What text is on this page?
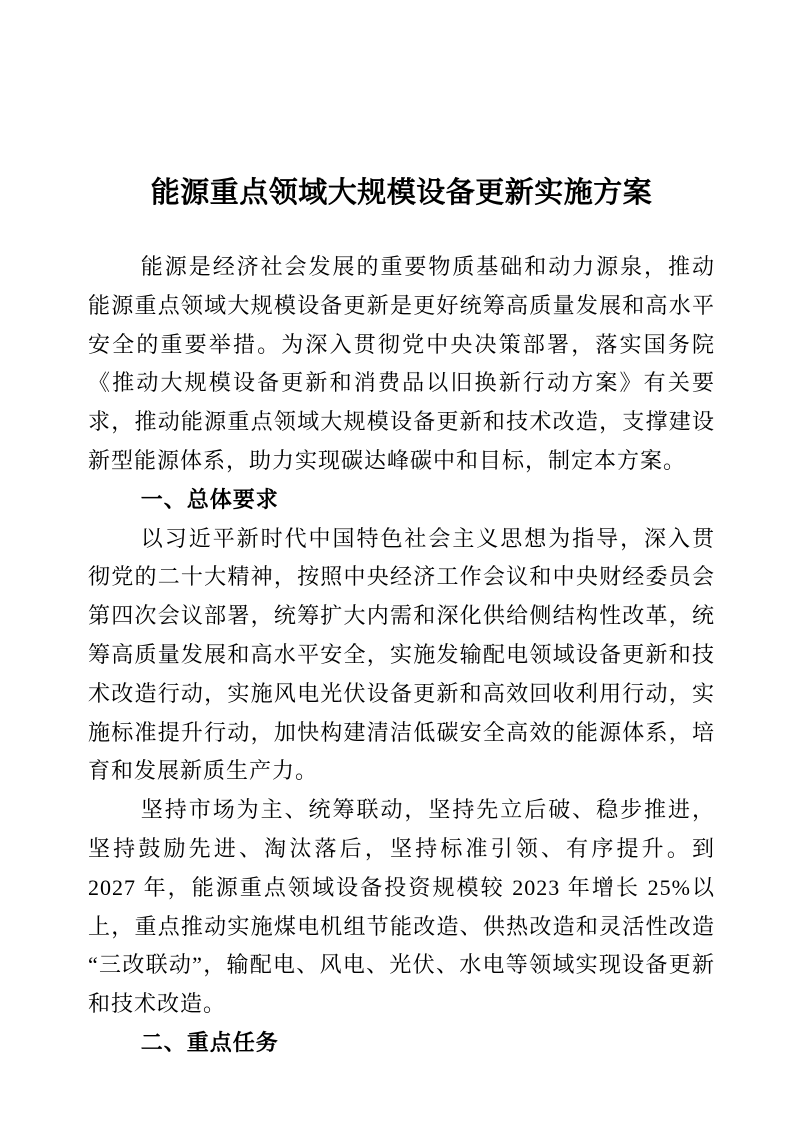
能源重点领域大规模设备更新实施方案

能源是经济社会发展的重要物质基础和动力源泉，推动能源重点领域大规模设备更新是更好统筹高质量发展和高水平安全的重要举措。为深入贯彻党中央决策部署，落实国务院《推动大规模设备更新和消费品以旧换新行动方案》有关要求，推动能源重点领域大规模设备更新和技术改造，支撑建设新型能源体系，助力实现碳达峰碳中和目标，制定本方案。

一、总体要求

以习近平新时代中国特色社会主义思想为指导，深入贯彻党的二十大精神，按照中央经济工作会议和中央财经委员会第四次会议部署，统筹扩大内需和深化供给侧结构性改革，统筹高质量发展和高水平安全，实施发输配电领域设备更新和技术改造行动，实施风电光伏设备更新和高效回收利用行动，实施标准提升行动，加快构建清洁低碳安全高效的能源体系，培育和发展新质生产力。

坚持市场为主、统筹联动，坚持先立后破、稳步推进，坚持鼓励先进、淘汰落后，坚持标准引领、有序提升。到 2027 年，能源重点领域设备投资规模较 2023 年增长 25%以上，重点推动实施煤电机组节能改造、供热改造和灵活性改造“三改联动”，输配电、风电、光伏、水电等领域实现设备更新和技术改造。

二、重点任务
